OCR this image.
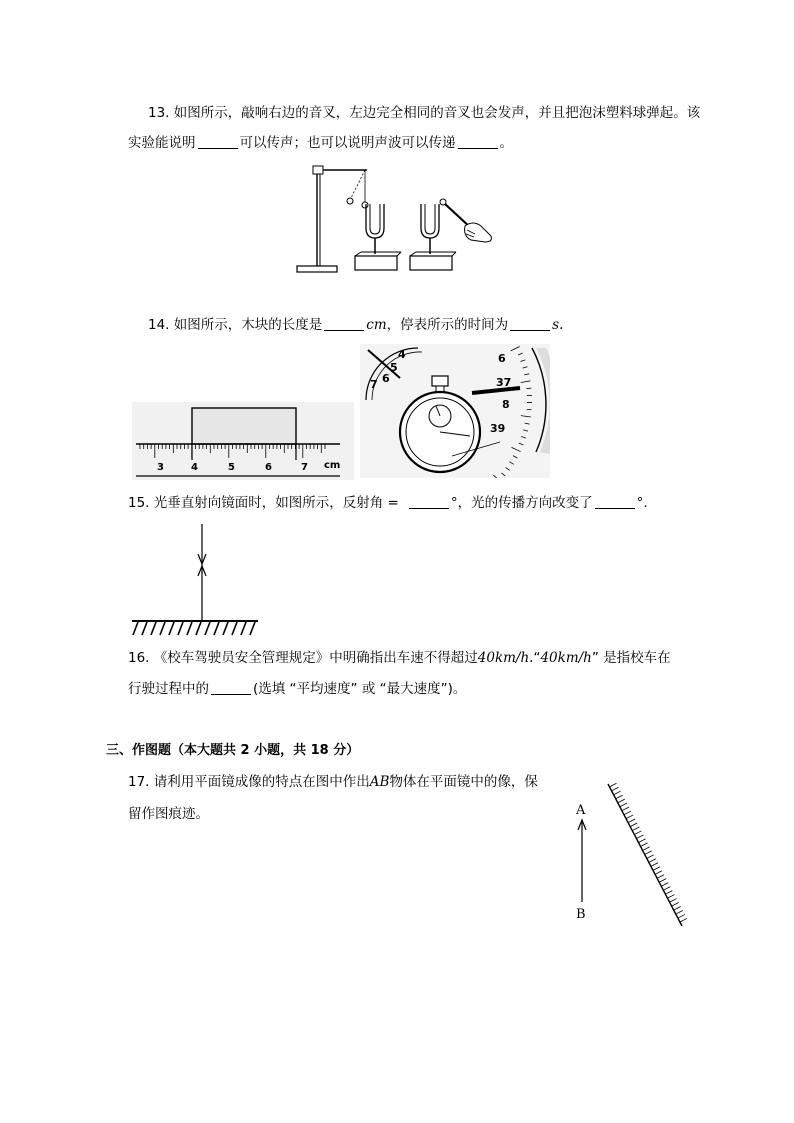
13. 如图所示，敲响右边的音叉，左边完全相同的音叉也会发声，并且把泡沫塑料球弹起。该
实验能说明	可以传声；也可以说明声波可以传递	。
14. 如图所示，木块的长度是	cm，停表所示的时间为	s.
3	4	5	6	7 cm
4
5
6
7
6
37
8
39
15. 光垂直射向镜面时，如图所示，反射角 =	°，光的传播方向改变了	°.
16. 《校车驾驶员安全管理规定》中明确指出车速不得超过40km/h.“40km/h” 是指校车在
行驶过程中的	(选填 “平均速度” 或 “最大速度”)。
三、作图题（本大题共 2 小题，共 18 分）
17. 请利用平面镜成像的特点在图中作出AB物体在平面镜中的像，保
留作图痕迹。	A
B
